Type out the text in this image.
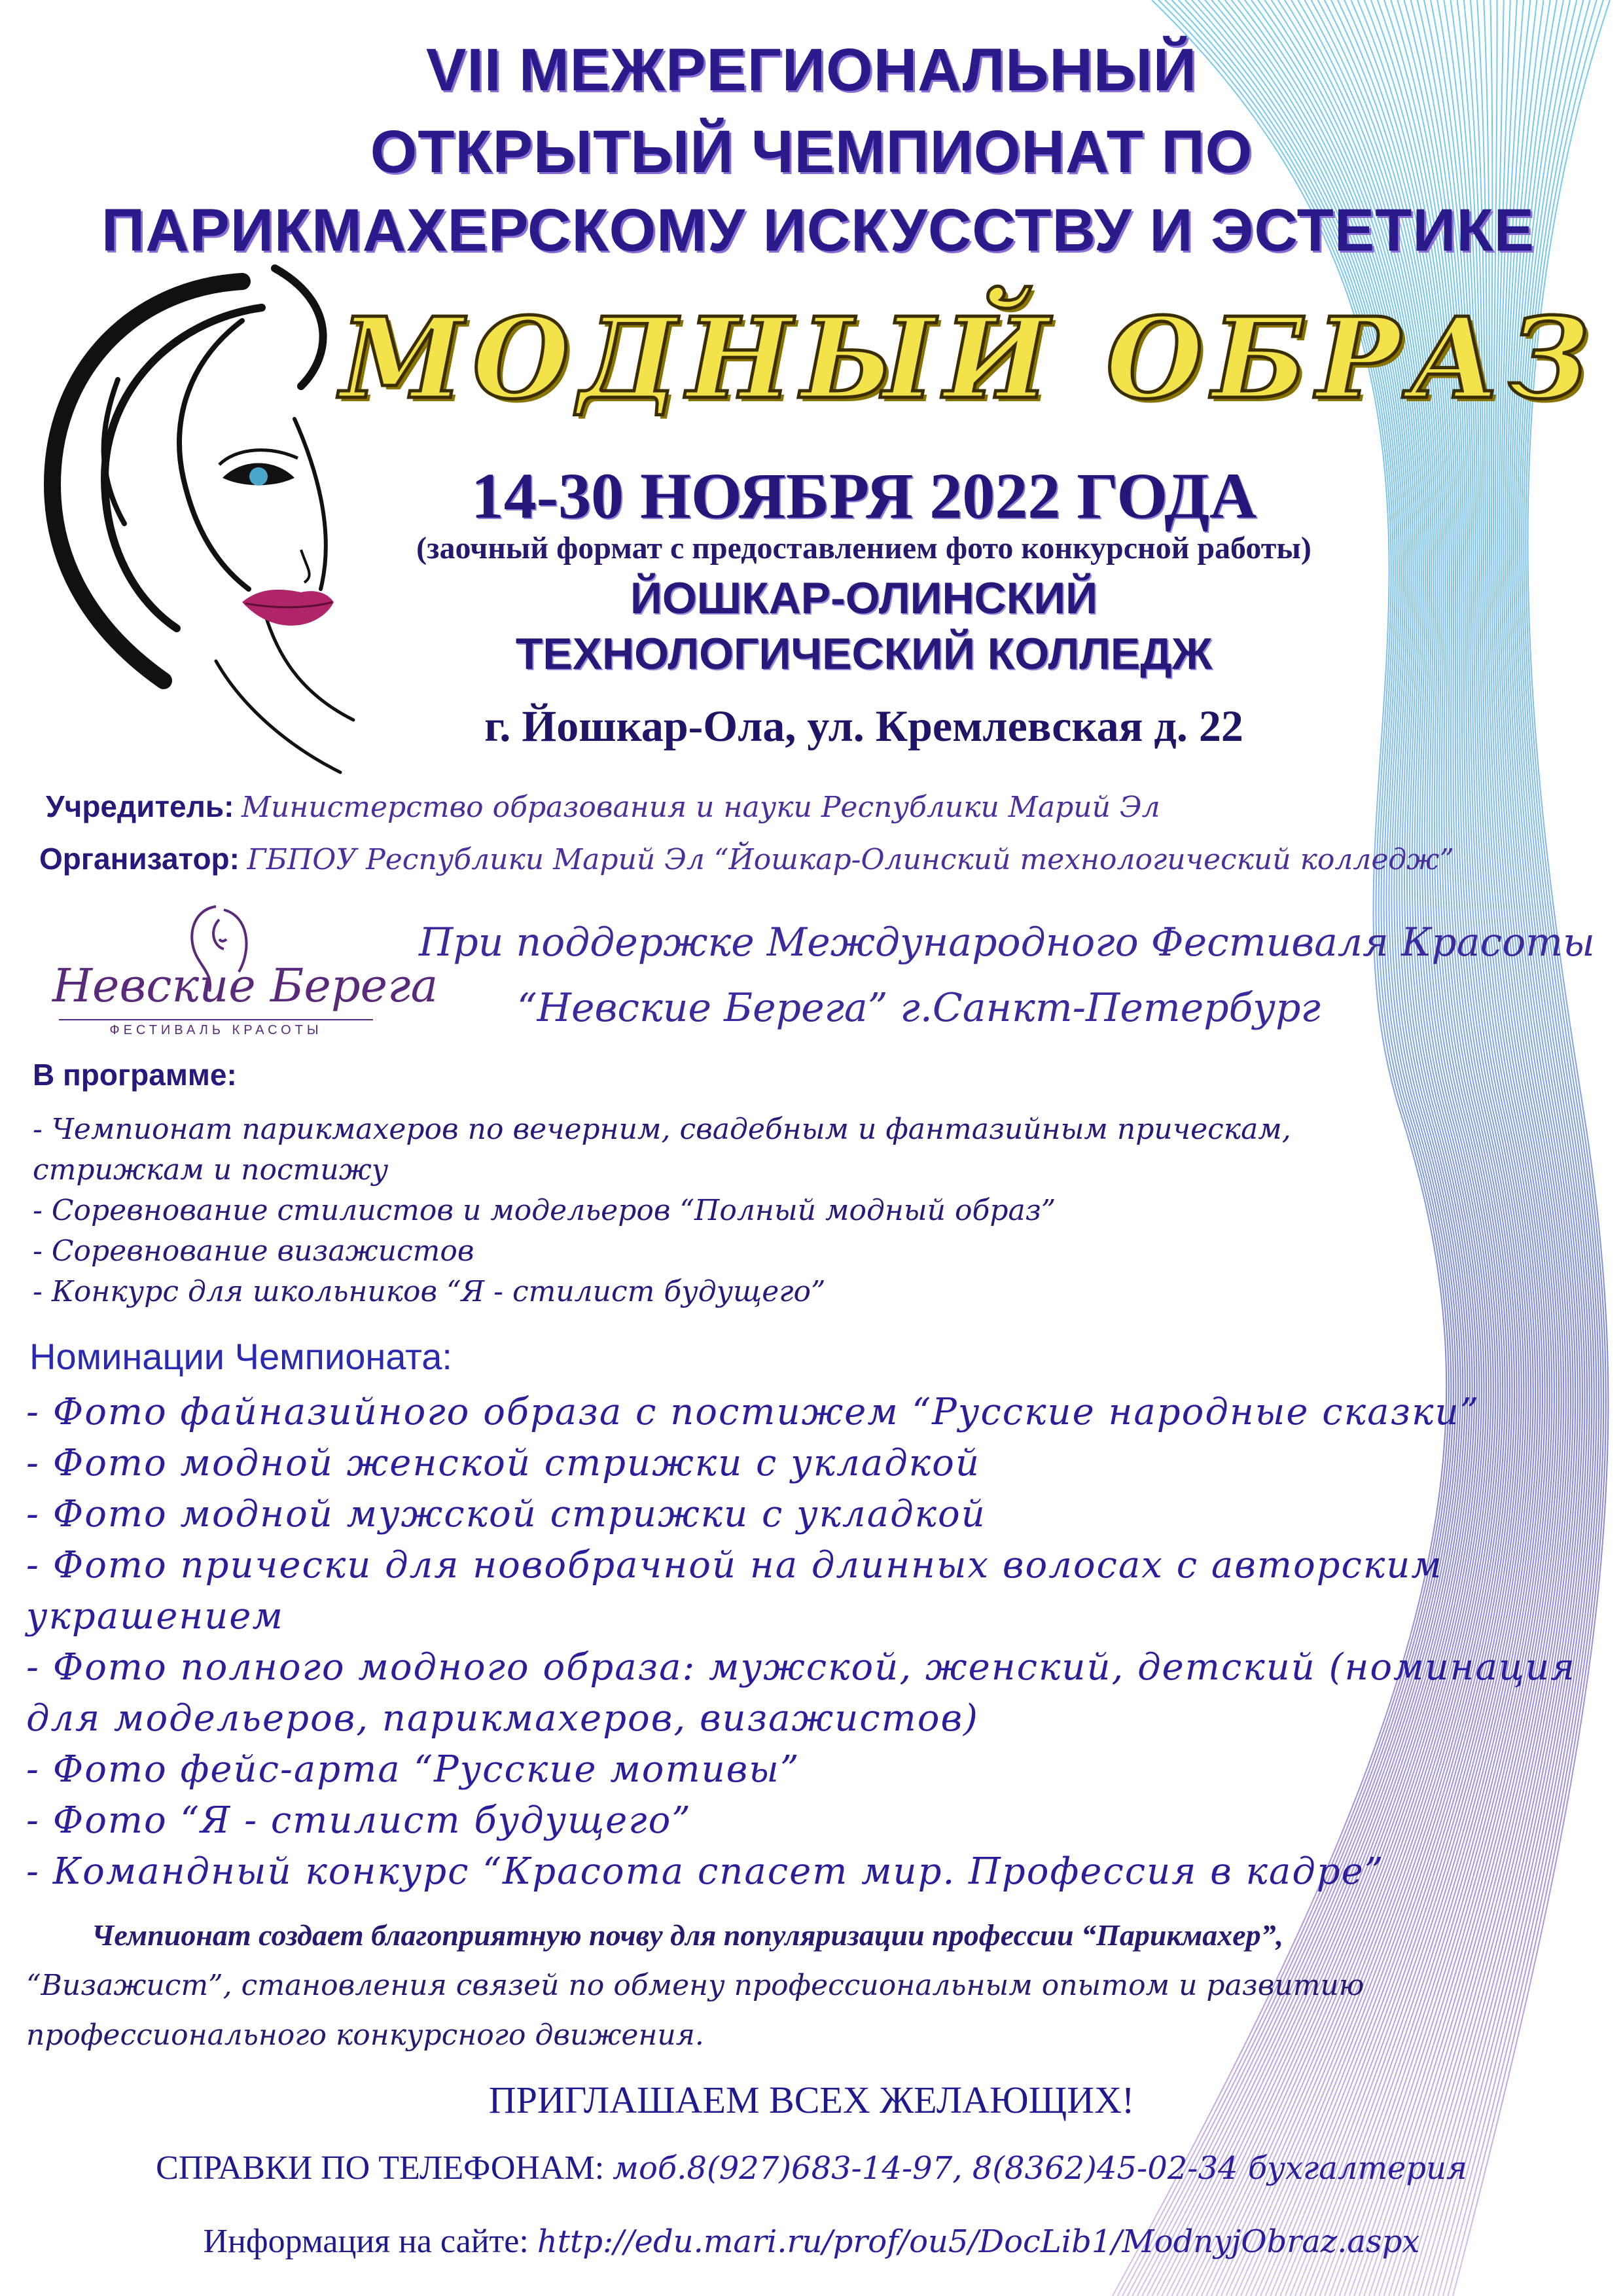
VII МЕЖРЕГИОНАЛЬНЫЙ
ОТКРЫТЫЙ ЧЕМПИОНАТ ПО
ПАРИКМАХЕРСКОМУ ИСКУССТВУ И ЭСТЕТИКЕ
МОДНЫЙ ОБРАЗ
14-30 НОЯБРЯ 2022 ГОДА
(заочный формат с предоставлением фото конкурсной работы)
ЙОШКАР-ОЛИНСКИЙ
ТЕХНОЛОГИЧЕСКИЙ КОЛЛЕДЖ
г. Йошкар-Ола, ул. Кремлевская д. 22
Учредитель: Министерство образования и науки Республики Марий Эл
Организатор: ГБПОУ Республики Марий Эл “Йошкар-Олинский технологический колледж”
Невские Берега
ФЕСТИВАЛЬ КРАСОТЫ
При поддержке Международного Фестиваля Красоты
“Невские Берега” г.Санкт-Петербург
В программе:
- Чемпионат парикмахеров по вечерним, свадебным и фантазийным прическам,
стрижкам и постижу
- Соревнование стилистов и модельеров “Полный модный образ”
- Соревнование визажистов
- Конкурс для школьников “Я - стилист будущего”
Номинации Чемпионата:
- Фото файназийного образа с постижем “Русские народные сказки”
- Фото модной женской стрижки с укладкой
- Фото модной мужской стрижки с укладкой
- Фото прически для новобрачной на длинных волосах с авторским
украшением
- Фото полного модного образа: мужской, женский, детский (номинация
для модельеров, парикмахеров, визажистов)
- Фото фейс-арта “Русские мотивы”
- Фото “Я - стилист будущего”
- Командный конкурс “Красота спасет мир. Профессия в кадре”
Чемпионат создает благоприятную почву для популяризации профессии “Парикмахер”,
“Визажист”, становления связей по обмену профессиональным опытом и развитию
профессионального конкурсного движения.
ПРИГЛАШАЕМ ВСЕХ ЖЕЛАЮЩИХ!
СПРАВКИ ПО ТЕЛЕФОНАМ: моб.8(927)683-14-97, 8(8362)45-02-34 бухгалтерия
Информация на сайте: http://edu.mari.ru/prof/ou5/DocLib1/ModnyjObraz.aspx
